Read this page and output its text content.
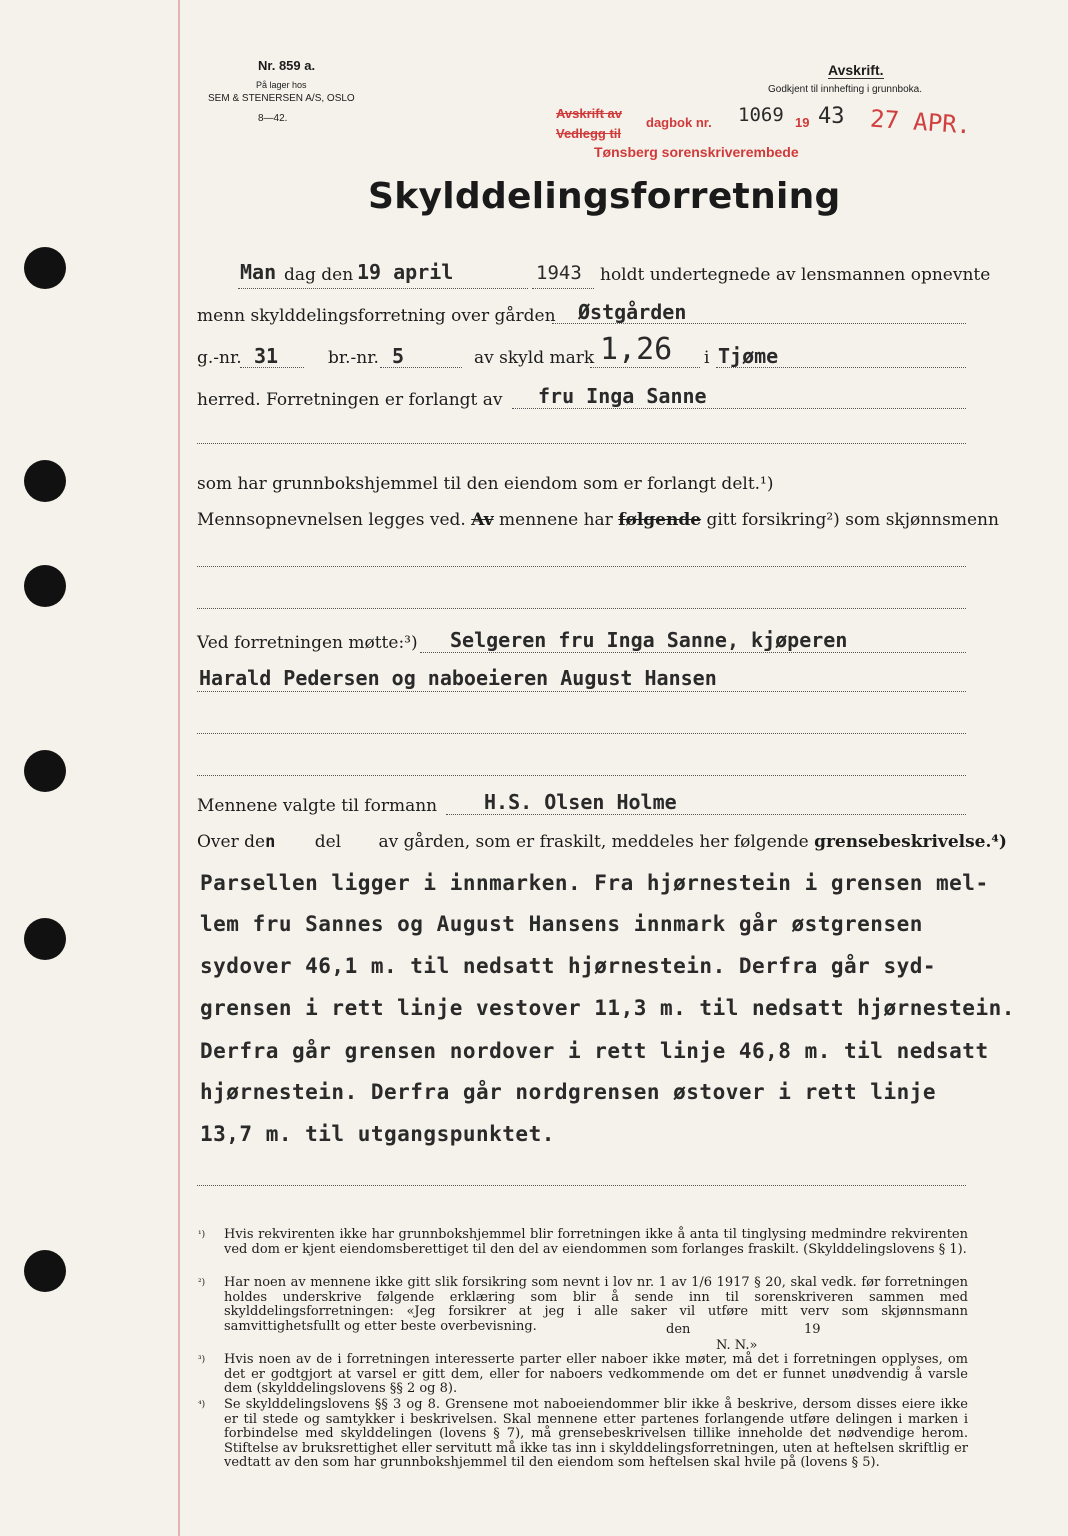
Nr. 859 a.
På lager hos
SEM & STENERSEN A/S, OSLO
8—42.
Avskrift.
Godkjent til innhefting i grunnboka.
Avskrift av
dagbok nr. 1069 19 43 27 APR.
Vedlegg til
Tønsberg sorenskriverembede
Skylddelingsforretning
Man dag den 19 april	1943 holdt undertegnede av lensmannen opnevnte
menn skylddelingsforretning over gården Østgården
g.-nr. 31	br.-nr. 5	av skyld mark 1,26 i Tjøme
herred. Forretningen er forlangt av fru Inga Sanne
som har grunnbokshjemmel til den eiendom som er forlangt delt.¹)
Mennsopnevnelsen legges ved. Av mennene har følgende gitt forsikring²) som skjønnsmenn
Ved forretningen møtte:³) Selgeren fru Inga Sanne, kjøperen
Harald Pedersen og naboeieren August Hansen
Mennene valgte til formann H.S. Olsen Holme
Over den del av gården, som er fraskilt, meddeles her følgende grensebeskrivelse.⁴)
Parsellen ligger i innmarken. Fra hjørnestein i grensen mel-
lem fru Sannes og August Hansens innmark går østgrensen
sydover 46,1 m. til nedsatt hjørnestein. Derfra går syd-
grensen i rett linje vestover 11,3 m. til nedsatt hjørnestein.
Derfra går grensen nordover i rett linje 46,8 m. til nedsatt
hjørnestein. Derfra går nordgrensen østover i rett linje
13,7 m. til utgangspunktet.
¹) Hvis rekvirenten ikke har grunnbokshjemmel blir forretningen ikke å anta til tinglysing medmindre rekvirenten ved dom er kjent eiendomsberettiget til den del av eiendommen som forlanges fraskilt. (Skylddelingslovens § 1).
²) Har noen av mennene ikke gitt slik forsikring som nevnt i lov nr. 1 av 1/6 1917 § 20, skal vedk. før forretningen holdes underskrive følgende erklæring som blir å sende inn til sorenskriveren sammen med skylddelingsforretningen: «Jeg forsikrer at jeg i alle saker vil utføre mitt verv som skjønnsmann samvittighetsfullt og etter beste overbevisning.	den	19
N. N.»
³) Hvis noen av de i forretningen interesserte parter eller naboer ikke møter, må det i forretningen opplyses, om det er godtgjort at varsel er gitt dem, eller for naboers vedkommende om det er funnet unødvendig å varsle dem (skylddelingslovens §§ 2 og 8).
⁴) Se skylddelingslovens §§ 3 og 8. Grensene mot naboeiendommer blir ikke å beskrive, dersom disses eiere ikke er til stede og samtykker i beskrivelsen. Skal mennene etter partenes forlangende utføre delingen i marken i forbindelse med skylddelingen (lovens § 7), må grensebeskrivelsen tillike inneholde det nødvendige herom. Stiftelse av bruksrettighet eller servitutt må ikke tas inn i skylddelingsforretningen, uten at heftelsen skriftlig er vedtatt av den som har grunnbokshjemmel til den eiendom som heftelsen skal hvile på (lovens § 5).
